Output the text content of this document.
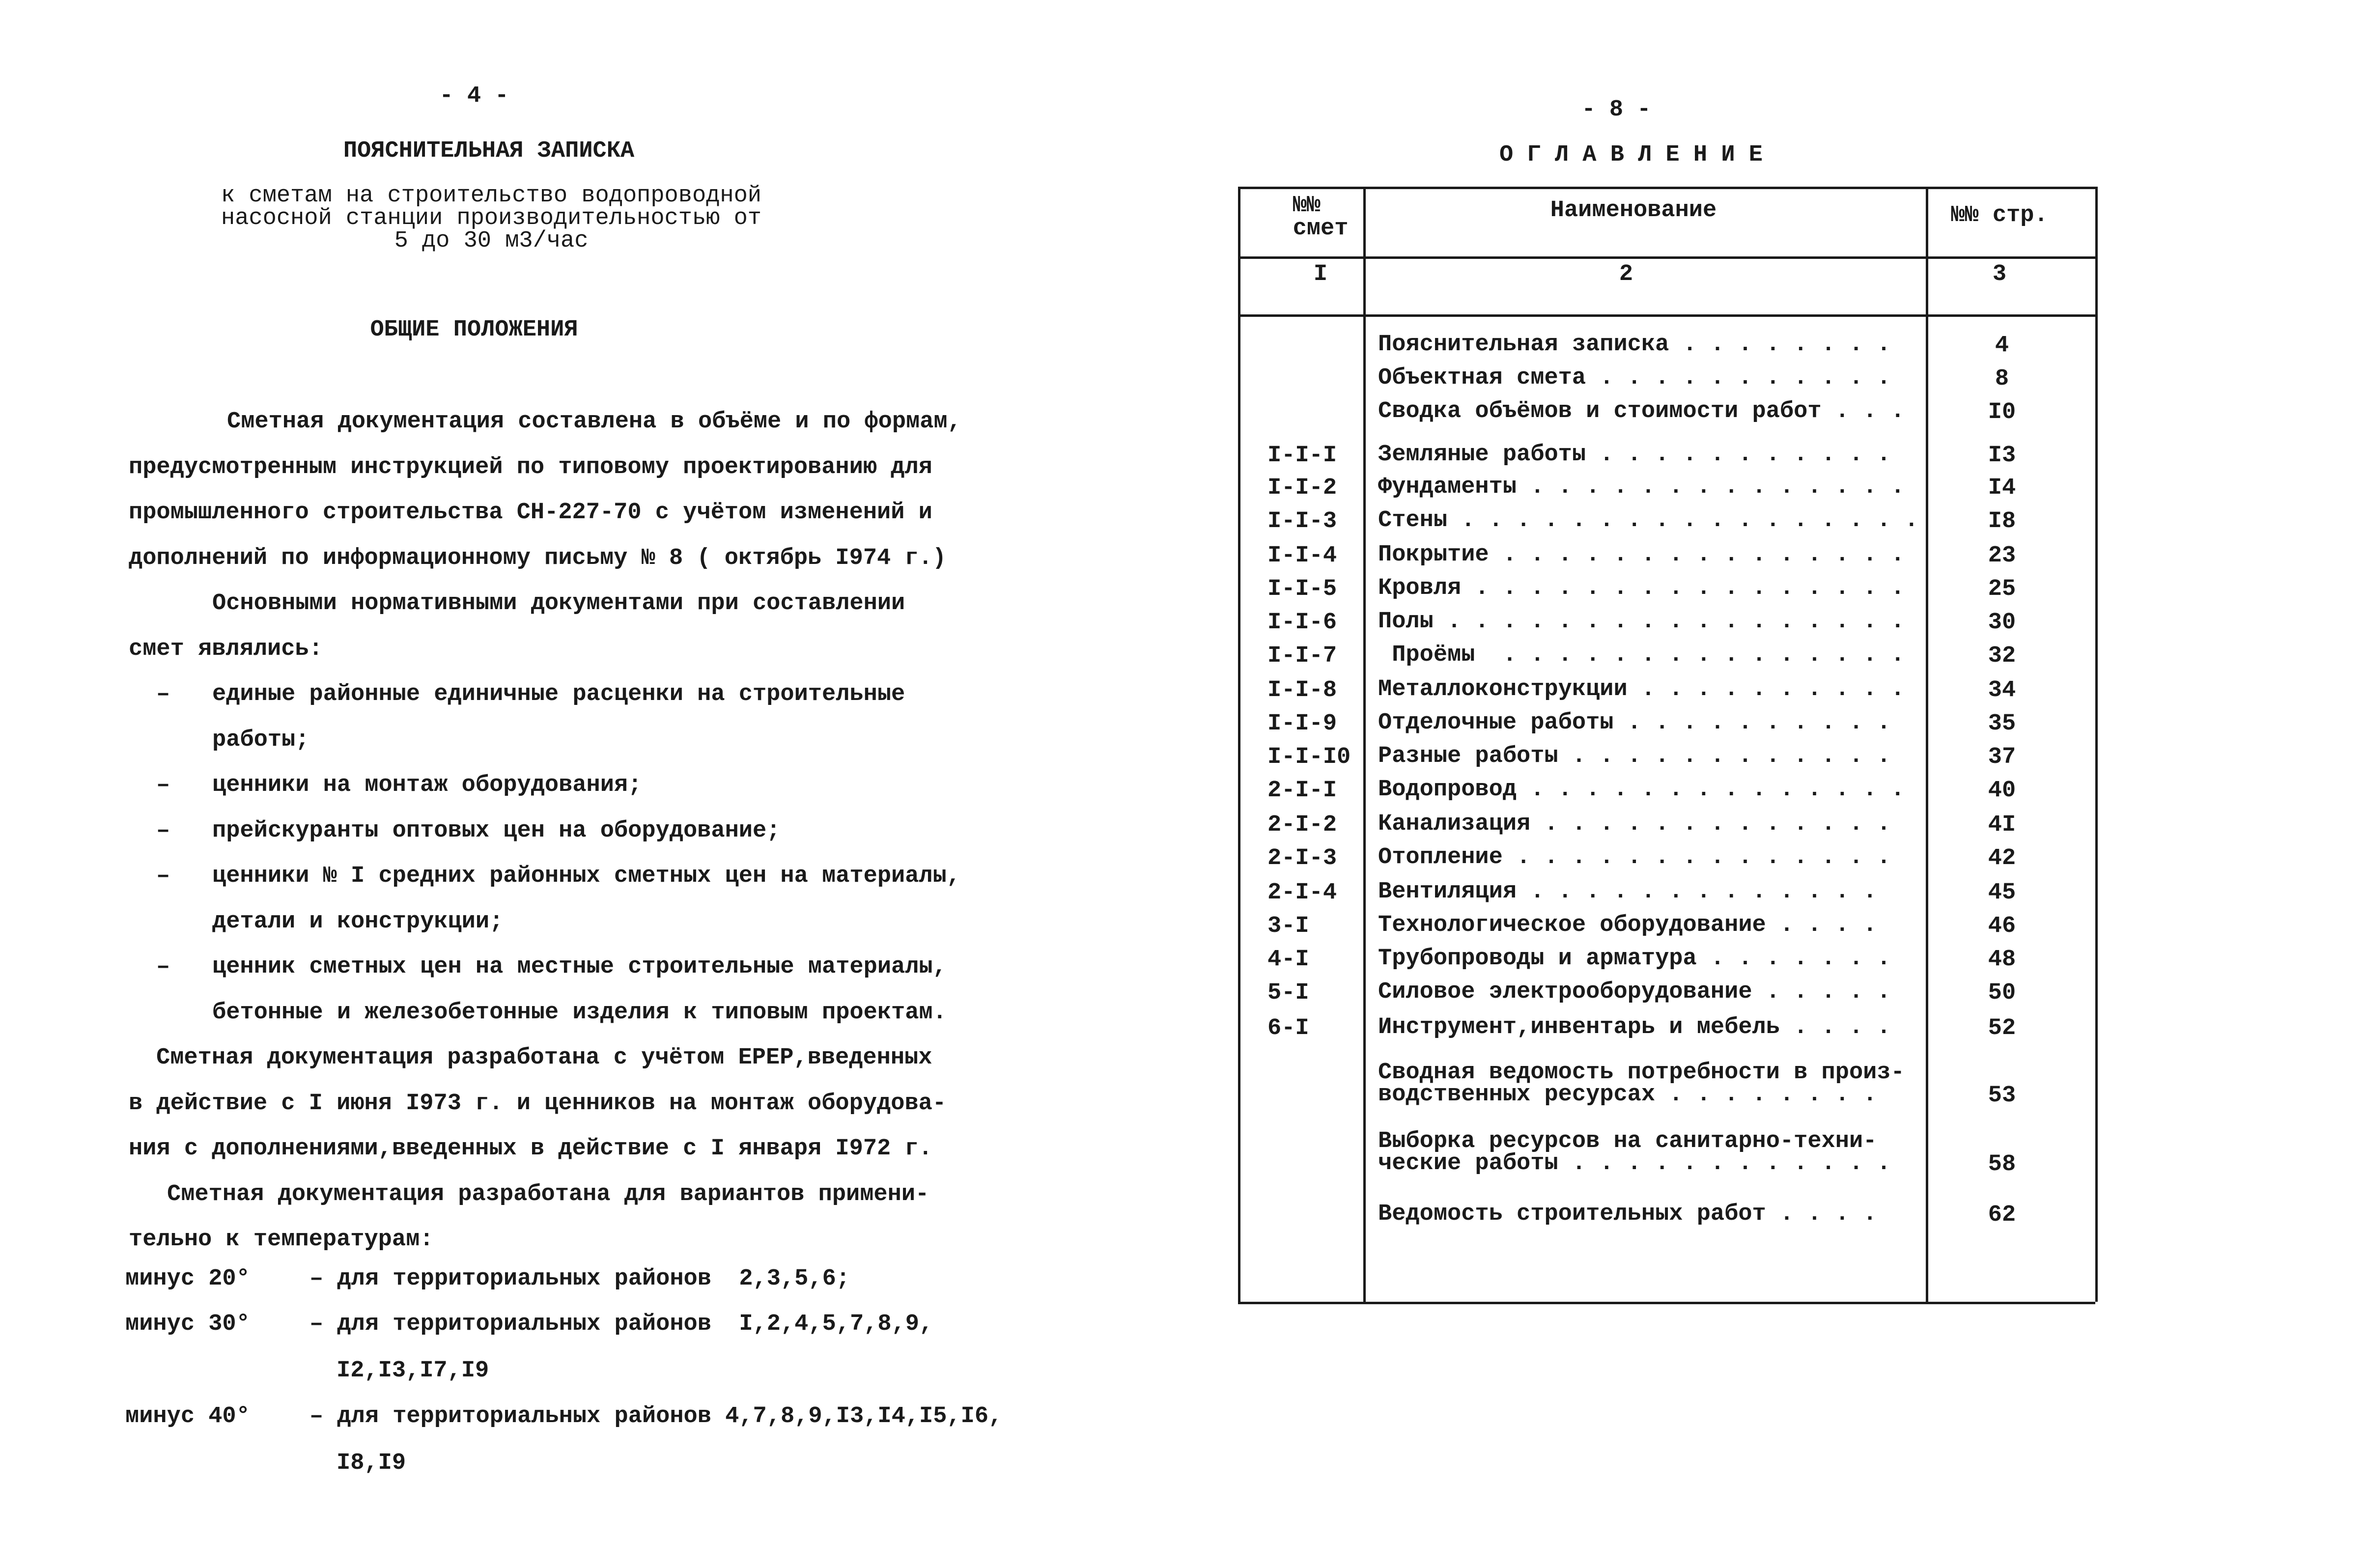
- 4 -
ПОЯСНИТЕЛЬНАЯ ЗАПИСКА
к сметам на строительство водопроводной
насосной станции производительностью от
5 до 30 м3/час
ОБЩИЕ ПОЛОЖЕНИЯ
Сметная документация составлена в объёме и по формам,
предусмотренным инструкцией по типовому проектированию для
промышленного строительства СН-227-70 с учётом изменений и
дополнений по информационному письму № 8 ( октябрь I974 г.)
Основными нормативными документами при составлении
смет являлись:
единые районные единичные расценки на строительные
–
работы;
ценники на монтаж оборудования;
–
прейскуранты оптовых цен на оборудование;
–
ценники № I средних районных сметных цен на материалы,
–
детали и конструкции;
ценник сметных цен на местные строительные материалы,
–
бетонные и железобетонные изделия к типовым проектам.
Сметная документация разработана с учётом ЕРЕР,введенных
в действие с I июня I973 г. и ценников на монтаж оборудова-
ния с дополнениями,введенных в действие с I января I972 г.
Сметная документация разработана для вариантов примени-
тельно к температурам:
минус 20°	– для территориальных районов  2,3,5,6;
минус 30°	– для территориальных районов  I,2,4,5,7,8,9,
I2,I3,I7,I9
минус 40°	– для территориальных районов 4,7,8,9,I3,I4,I5,I6,
I8,I9
- 8 -
О Г Л А В Л Е Н И Е
№№
смет
Наименование	№№ стр.
I	2	3
Пояснительная записка . . . . . . . .	4
Объектная смета . . . . . . . . . . .	8
Сводка объёмов и стоимости работ . . .	I0
I-I-I Земляные работы . . . . . . . . . . .	I3
I-I-2 Фундаменты . . . . . . . . . . . . . .	I4
I-I-3 Стены . . . . . . . . . . . . . . . . .	I8
I-I-4 Покрытие . . . . . . . . . . . . . . .	23
I-I-5 Кровля . . . . . . . . . . . . . . . .	25
I-I-6 Полы . . . . . . . . . . . . . . . . .	30
I-I-7 Проёмы  . . . . . . . . . . . . . . .	32
I-I-8 Металлоконструкции . . . . . . . . . .	34
I-I-9 Отделочные работы . . . . . . . . . .	35
I-I-I0 Разные работы . . . . . . . . . . . .	37
2-I-I Водопровод . . . . . . . . . . . . . .	40
2-I-2 Канализация . . . . . . . . . . . . .	4I
2-I-3 Отопление . . . . . . . . . . . . . .	42
2-I-4 Вентиляция . . . . . . . . . . . . .	45
3-I	Технологическое оборудование . . . .	46
4-I	Трубопроводы и арматура . . . . . . .	48
5-I	Силовое электрооборудование . . . . .	50
6-I	Инструмент,инвентарь и мебель . . . .	52
Сводная ведомость потребности в произ-
водственных ресурсах . . . . . . . .	53
Выборка ресурсов на санитарно-техни-
ческие работы . . . . . . . . . . . .	58
Ведомость строительных работ . . . .	62
